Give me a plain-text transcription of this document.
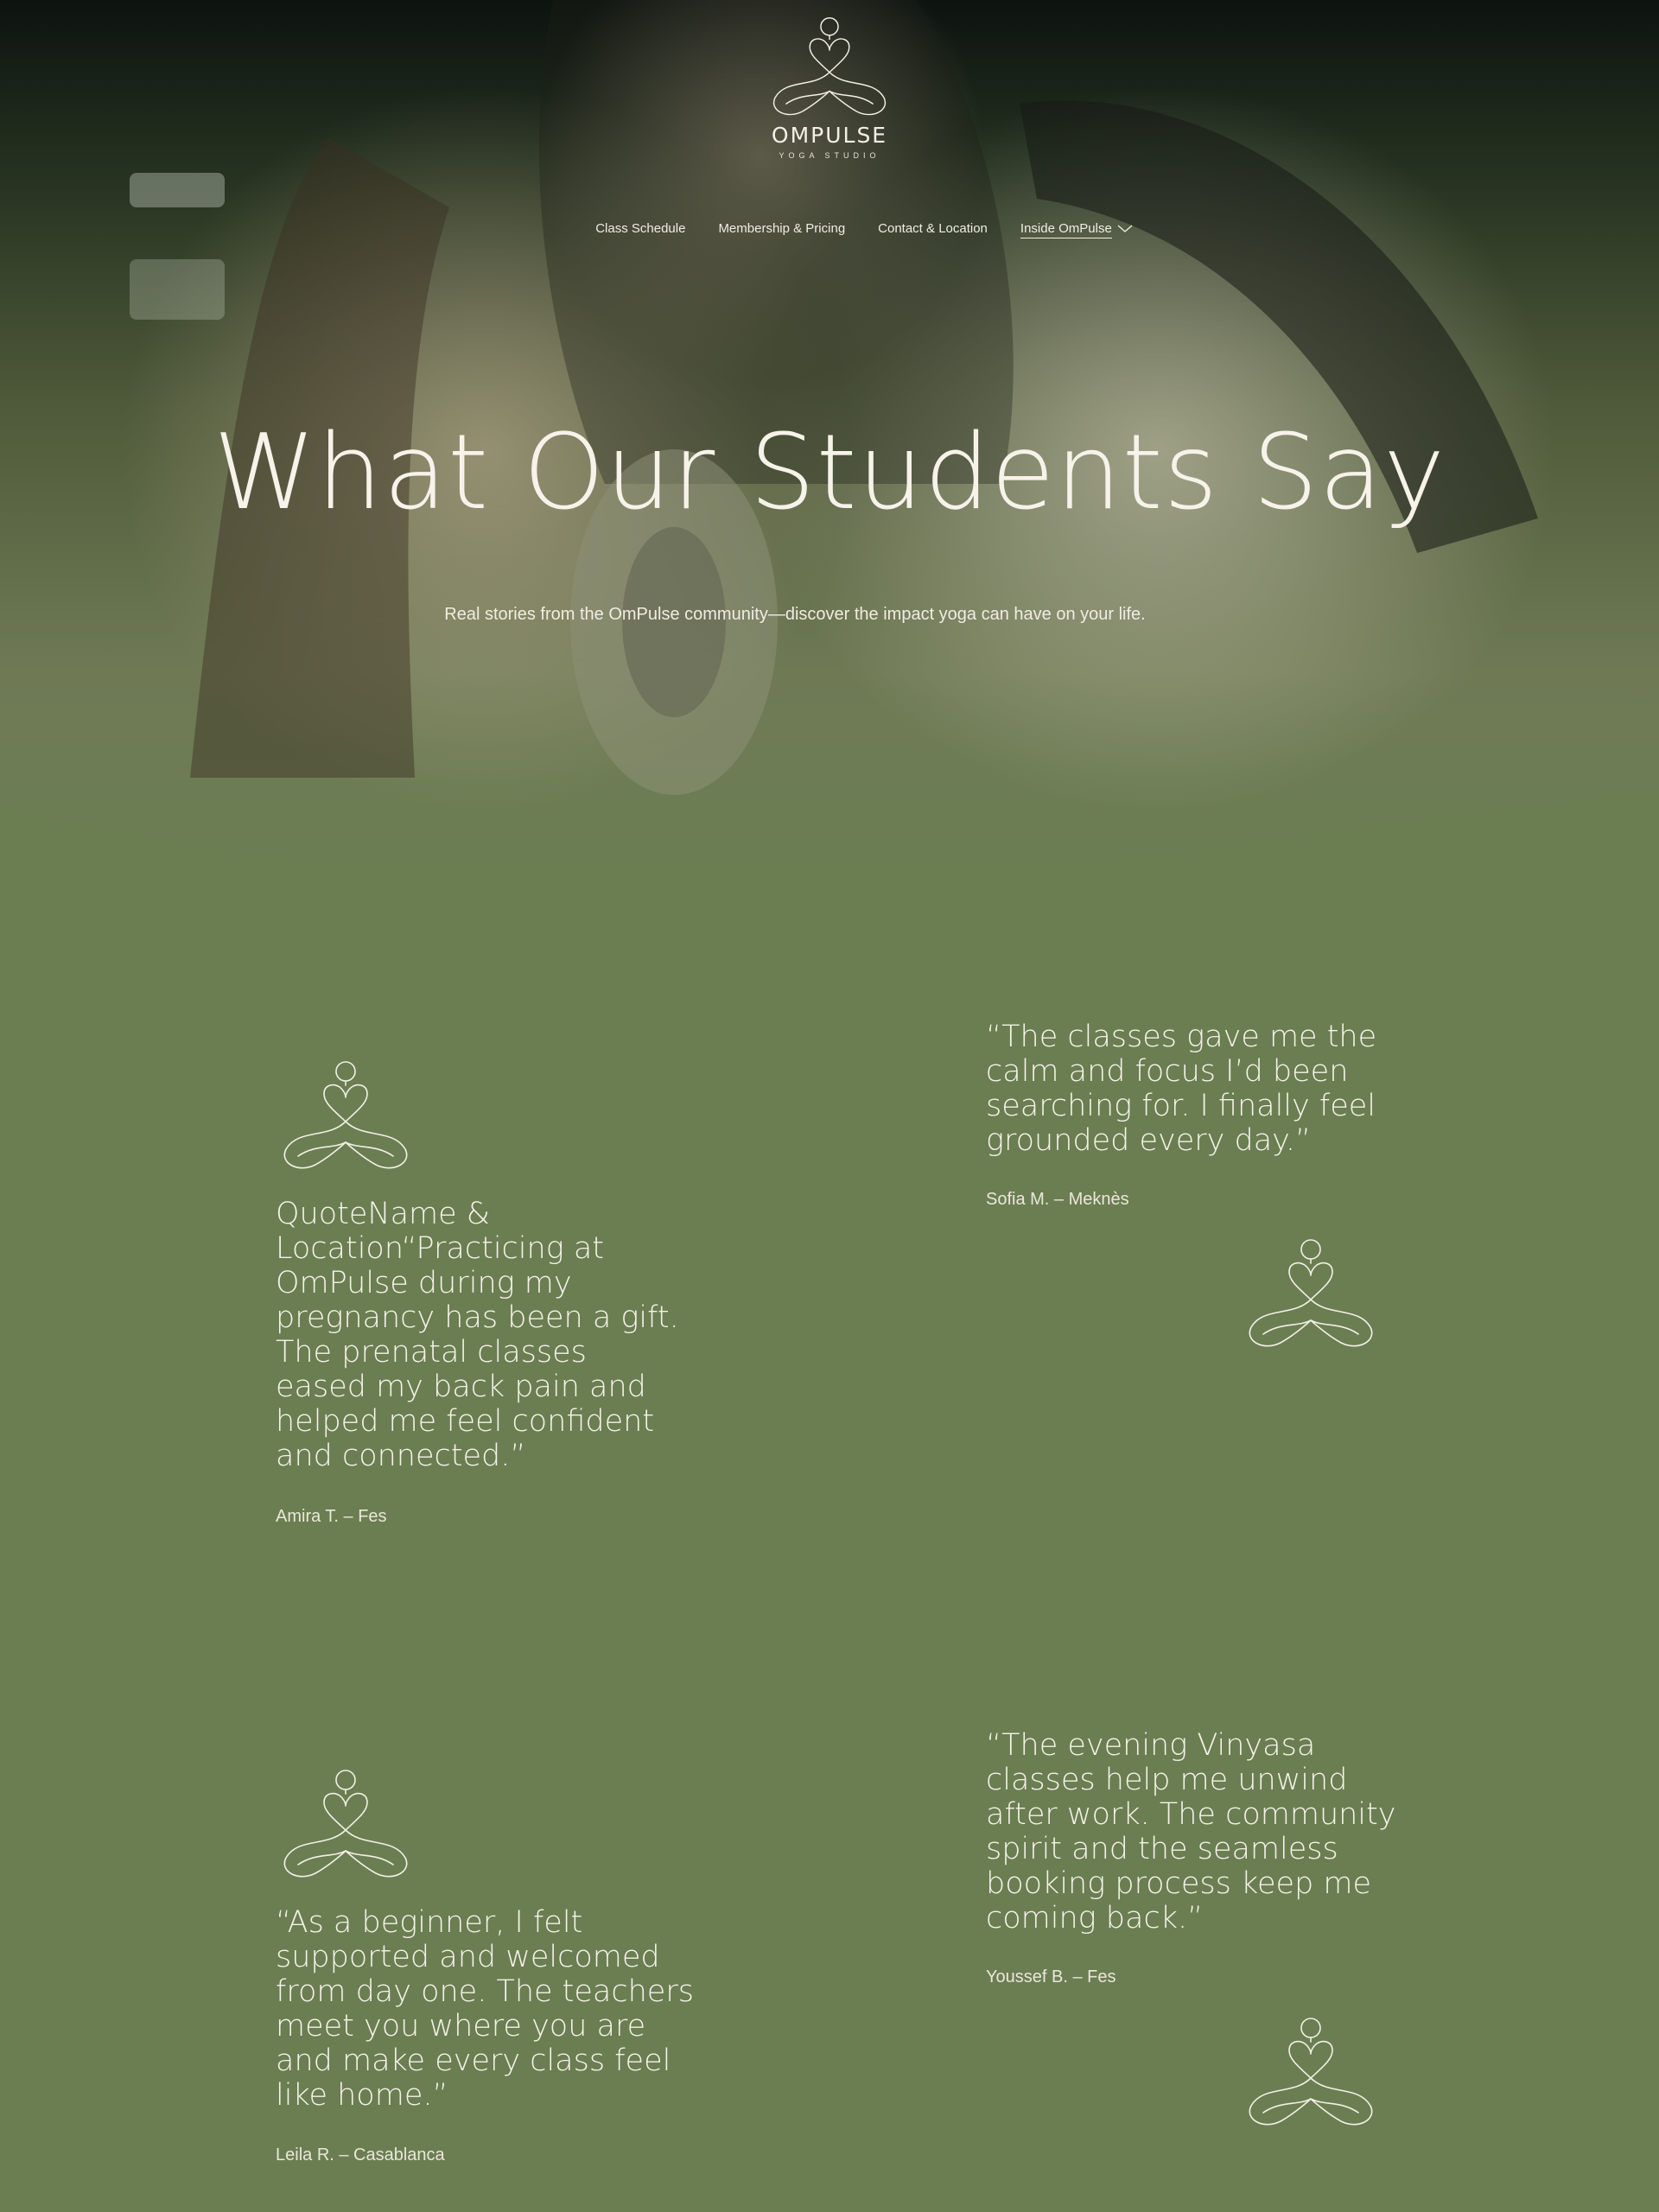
OMPULSE
YOGA STUDIO
Class Schedule	Membership & Pricing	Contact & Location	Inside OmPulse
What Our Students Say

Real stories from the OmPulse community—discover the impact yoga can have on your life.

QuoteName & Location“Practicing at OmPulse during my pregnancy has been a gift. The prenatal classes eased my back pain and helped me feel confident and connected.”

Amira T. – Fes

“The classes gave me the calm and focus I’d been searching for. I finally feel grounded every day.”

Sofia M. – Meknès

“As a beginner, I felt supported and welcomed from day one. The teachers meet you where you are and make every class feel like home.”

Leila R. – Casablanca

“The evening Vinyasa classes help me unwind after work. The community spirit and the seamless booking process keep me coming back.”

Youssef B. – Fes
